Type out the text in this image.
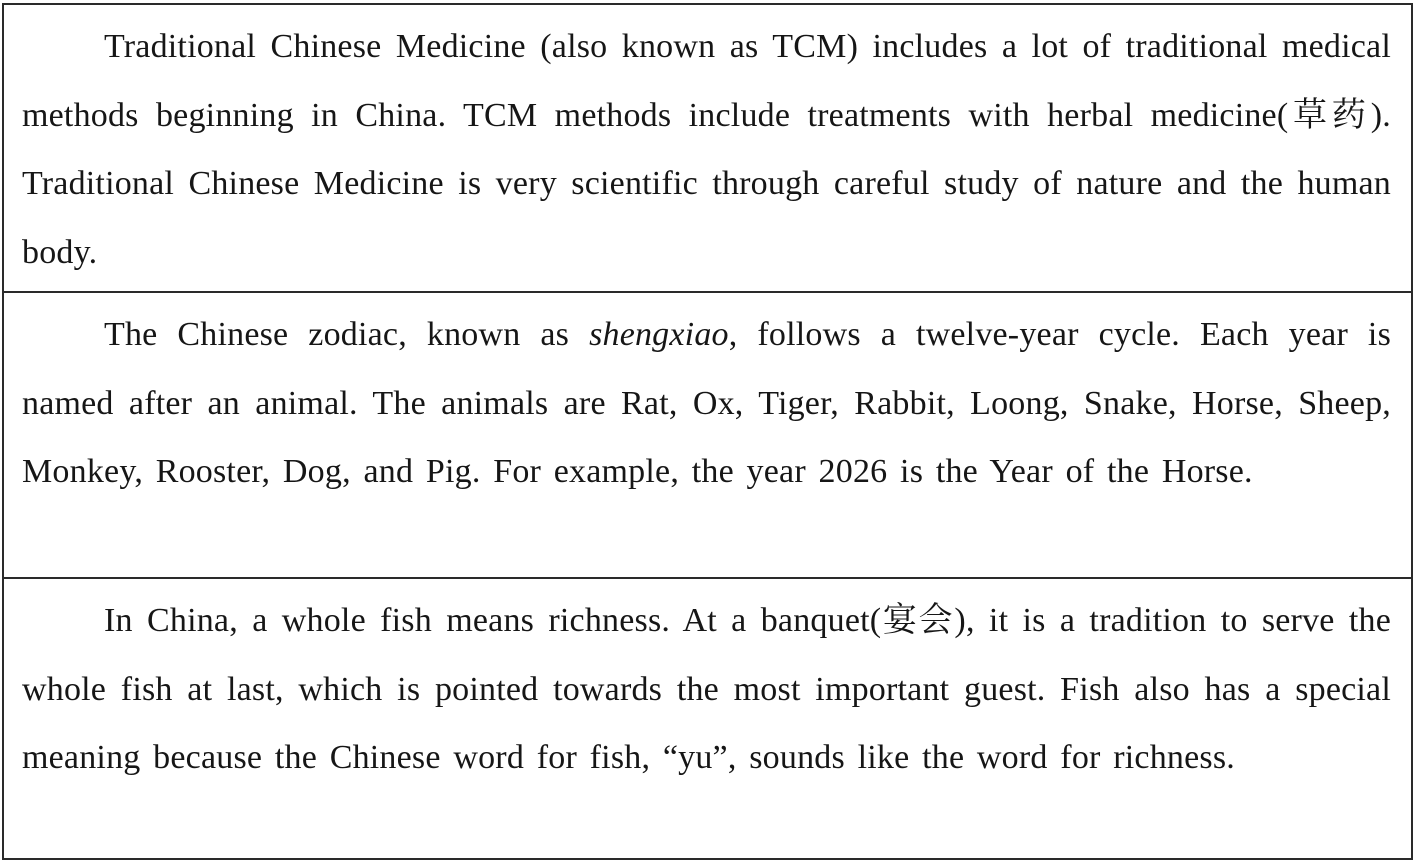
Traditional Chinese Medicine (also known as TCM) includes a lot of traditional medical methods beginning in China. TCM methods include treatments with herbal medicine(草药). Traditional Chinese Medicine is very scientific through careful study of nature and the human body.

The Chinese zodiac, known as shengxiao, follows a twelve-year cycle. Each year is named after an animal. The animals are Rat, Ox, Tiger, Rabbit, Loong, Snake, Horse, Sheep, Monkey, Rooster, Dog, and Pig. For example, the year 2026 is the Year of the Horse.

In China, a whole fish means richness. At a banquet(宴会), it is a tradition to serve the whole fish at last, which is pointed towards the most important guest. Fish also has a special meaning because the Chinese word for fish, “yu”, sounds like the word for richness.
